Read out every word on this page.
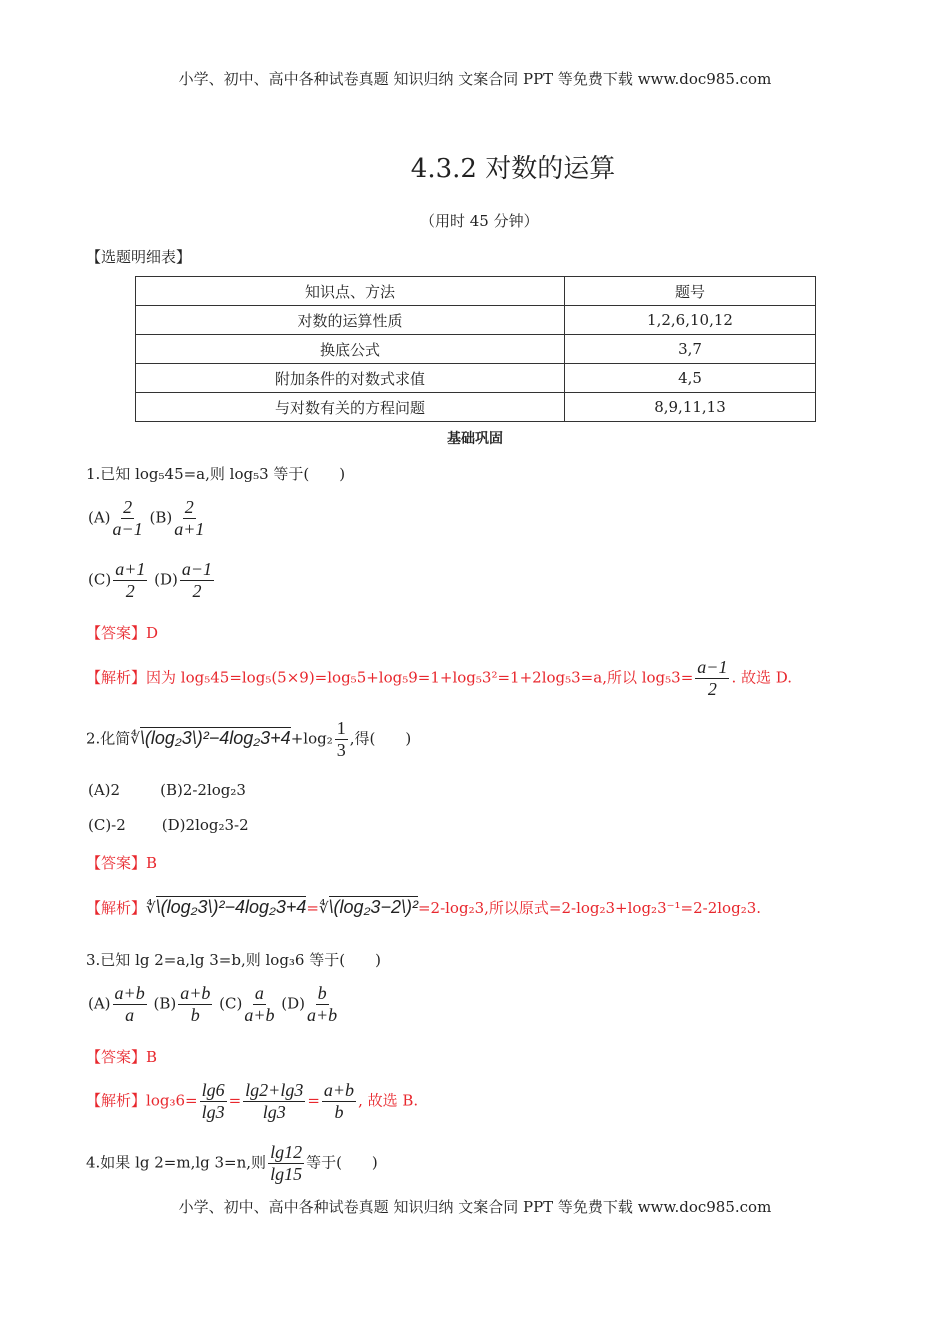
小学、初中、高中各种试卷真题 知识归纳 文案合同 PPT 等免费下载 www.doc985.com
4.3.2 对数的运算
（用时 45 分钟）
【选题明细表】
知识点、方法	题号
对数的运算性质	1,2,6,10,12
换底公式	3,7
附加条件的对数式求值	4,5
与对数有关的方程问题	8,9,11,13
基础巩固
1.已知 log₅45=a,则 log₅3 等于(　　)
$(A) \frac{2}{a-1} (B) \frac{2}{a+1}$
$(C) \frac{a+1}{2} (D) \frac{a-1}{2}$
【答案】D
【解析】因为 log₅45=log₅(5×9)=log₅5+log₅9=1+log₅3²=1+2log₅3=a,所以 $\log_53= \frac{a-1}{2}$ . 故选 D.
2.化简∜\(log₂3\)²−4log₂3+4+log₂ $\frac{1}{3}$ ,得(　　)
(A)2	(B)2-2log₂3
(C)-2 (D)2log₂3-2
【答案】B
【解析】∜\(log₂3\)²−4log₂3+4=∜\(log₂3−2\)²=2-log₂3,所以原式=2-log₂3+log₂3⁻¹=2-2log₂3.
3.已知 lg 2=a,lg 3=b,则 log₃6 等于(　　)
$(A) \frac{a+b}{a} (B) \frac{a+b}{b} (C) \frac{a}{a+b} (D) \frac{b}{a+b}$
【答案】B
【解析】$\log_36= \frac{\lg 6}{\lg 3} = \frac{\lg 2+\lg 3}{\lg 3} = \frac{a+b}{b}$ , 故选 B.
4.如果 lg 2=m,lg 3=n,则 $\frac{\lg 12}{\lg 15}$ 等于(　　)
小学、初中、高中各种试卷真题 知识归纳 文案合同 PPT 等免费下载 www.doc985.com
